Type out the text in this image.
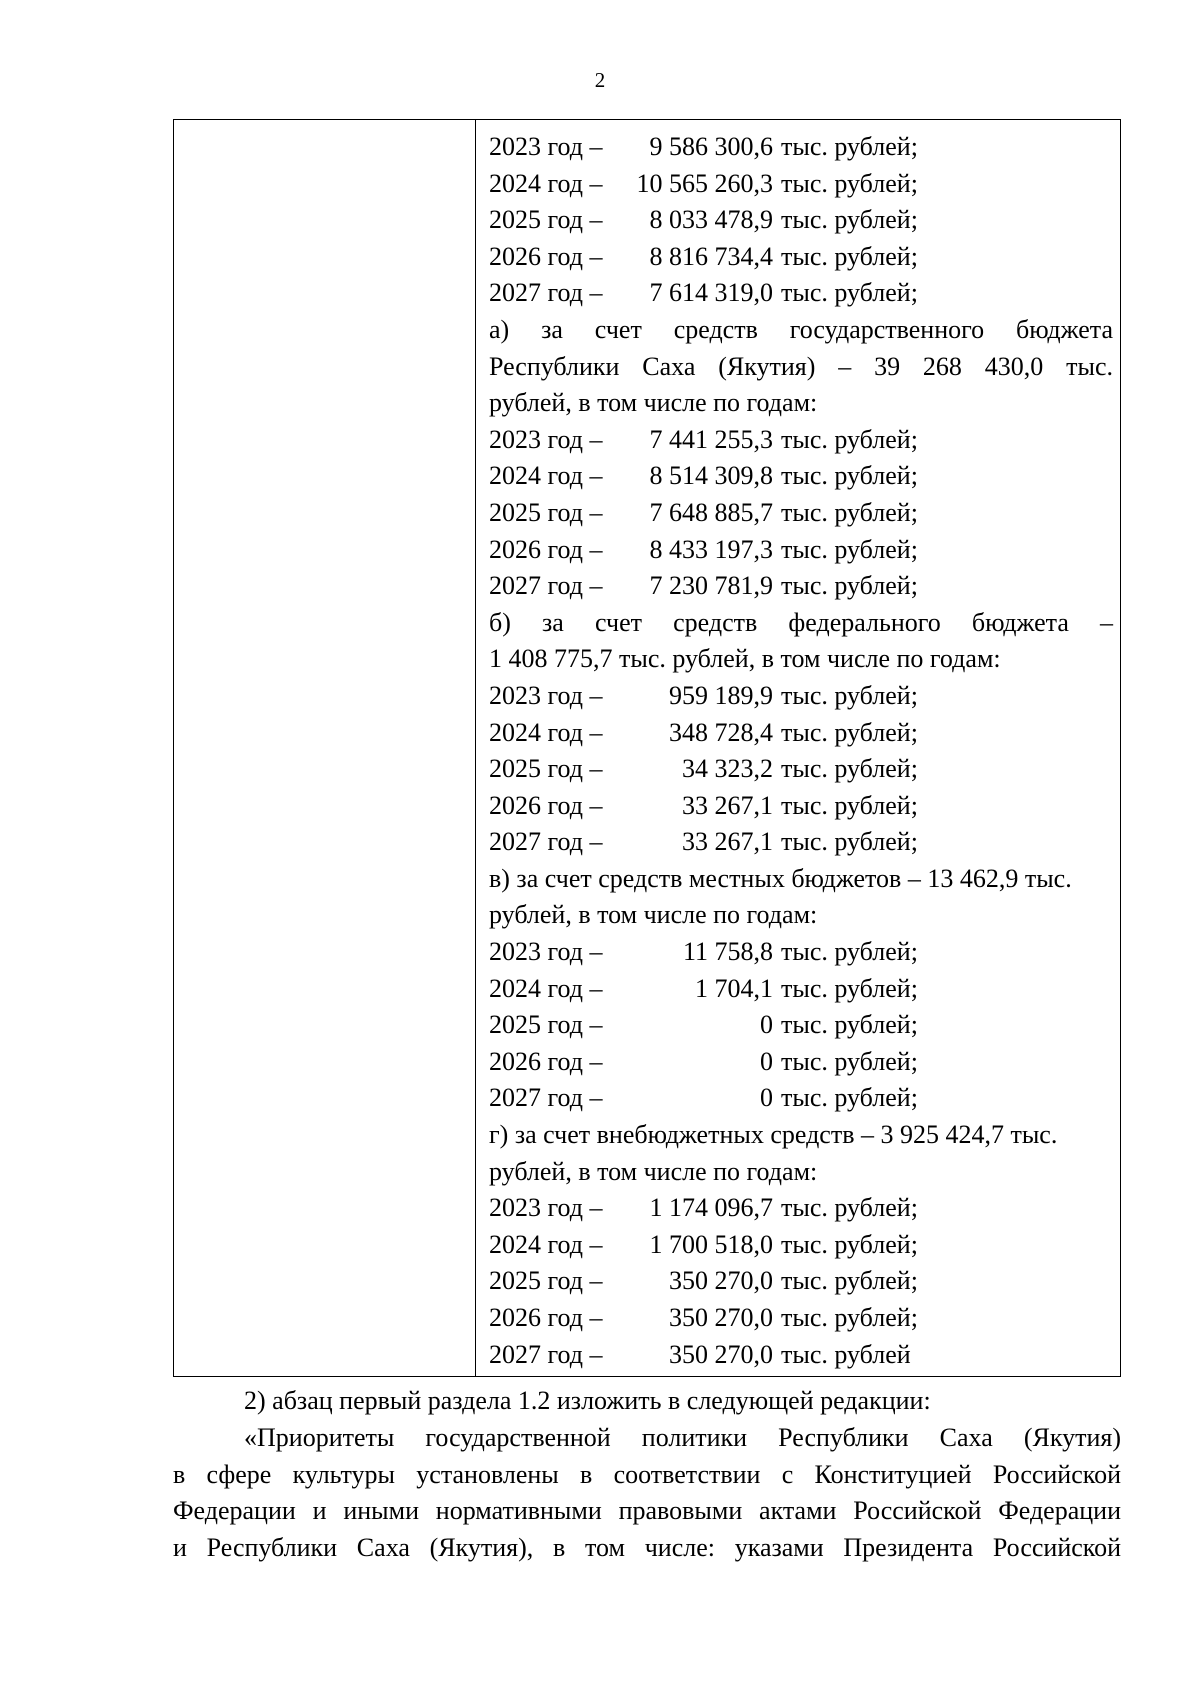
2
2023 год –	9 586 300,6 тыс. рублей;
2024 год –	10 565 260,3 тыс. рублей;
2025 год –	8 033 478,9 тыс. рублей;
2026 год –	8 816 734,4 тыс. рублей;
2027 год –	7 614 319,0 тыс. рублей;
а) за счет средств государственного бюджета
Республики Саха (Якутия) – 39 268 430,0 тыс.
рублей, в том числе по годам:
2023 год –	7 441 255,3 тыс. рублей;
2024 год –	8 514 309,8 тыс. рублей;
2025 год –	7 648 885,7 тыс. рублей;
2026 год –	8 433 197,3 тыс. рублей;
2027 год –	7 230 781,9 тыс. рублей;
б) за счет средств федерального бюджета –
1 408 775,7 тыс. рублей, в том числе по годам:
2023 год –	959 189,9 тыс. рублей;
2024 год –	348 728,4 тыс. рублей;
2025 год –	34 323,2 тыс. рублей;
2026 год –	33 267,1 тыс. рублей;
2027 год –	33 267,1 тыс. рублей;
в) за счет средств местных бюджетов – 13 462,9 тыс.
рублей, в том числе по годам:
2023 год –	11 758,8 тыс. рублей;
2024 год –	1 704,1 тыс. рублей;
2025 год –	0 тыс. рублей;
2026 год –	0 тыс. рублей;
2027 год –	0 тыс. рублей;
г) за счет внебюджетных средств – 3 925 424,7 тыс.
рублей, в том числе по годам:
2023 год –	1 174 096,7 тыс. рублей;
2024 год –	1 700 518,0 тыс. рублей;
2025 год –	350 270,0 тыс. рублей;
2026 год –	350 270,0 тыс. рублей;
2027 год –	350 270,0 тыс. рублей
2) абзац первый раздела 1.2 изложить в следующей редакции:
«Приоритеты государственной политики Республики Саха (Якутия)
в сфере культуры установлены в соответствии с Конституцией Российской
Федерации и иными нормативными правовыми актами Российской Федерации
и Республики Саха (Якутия), в том числе: указами Президента Российской
